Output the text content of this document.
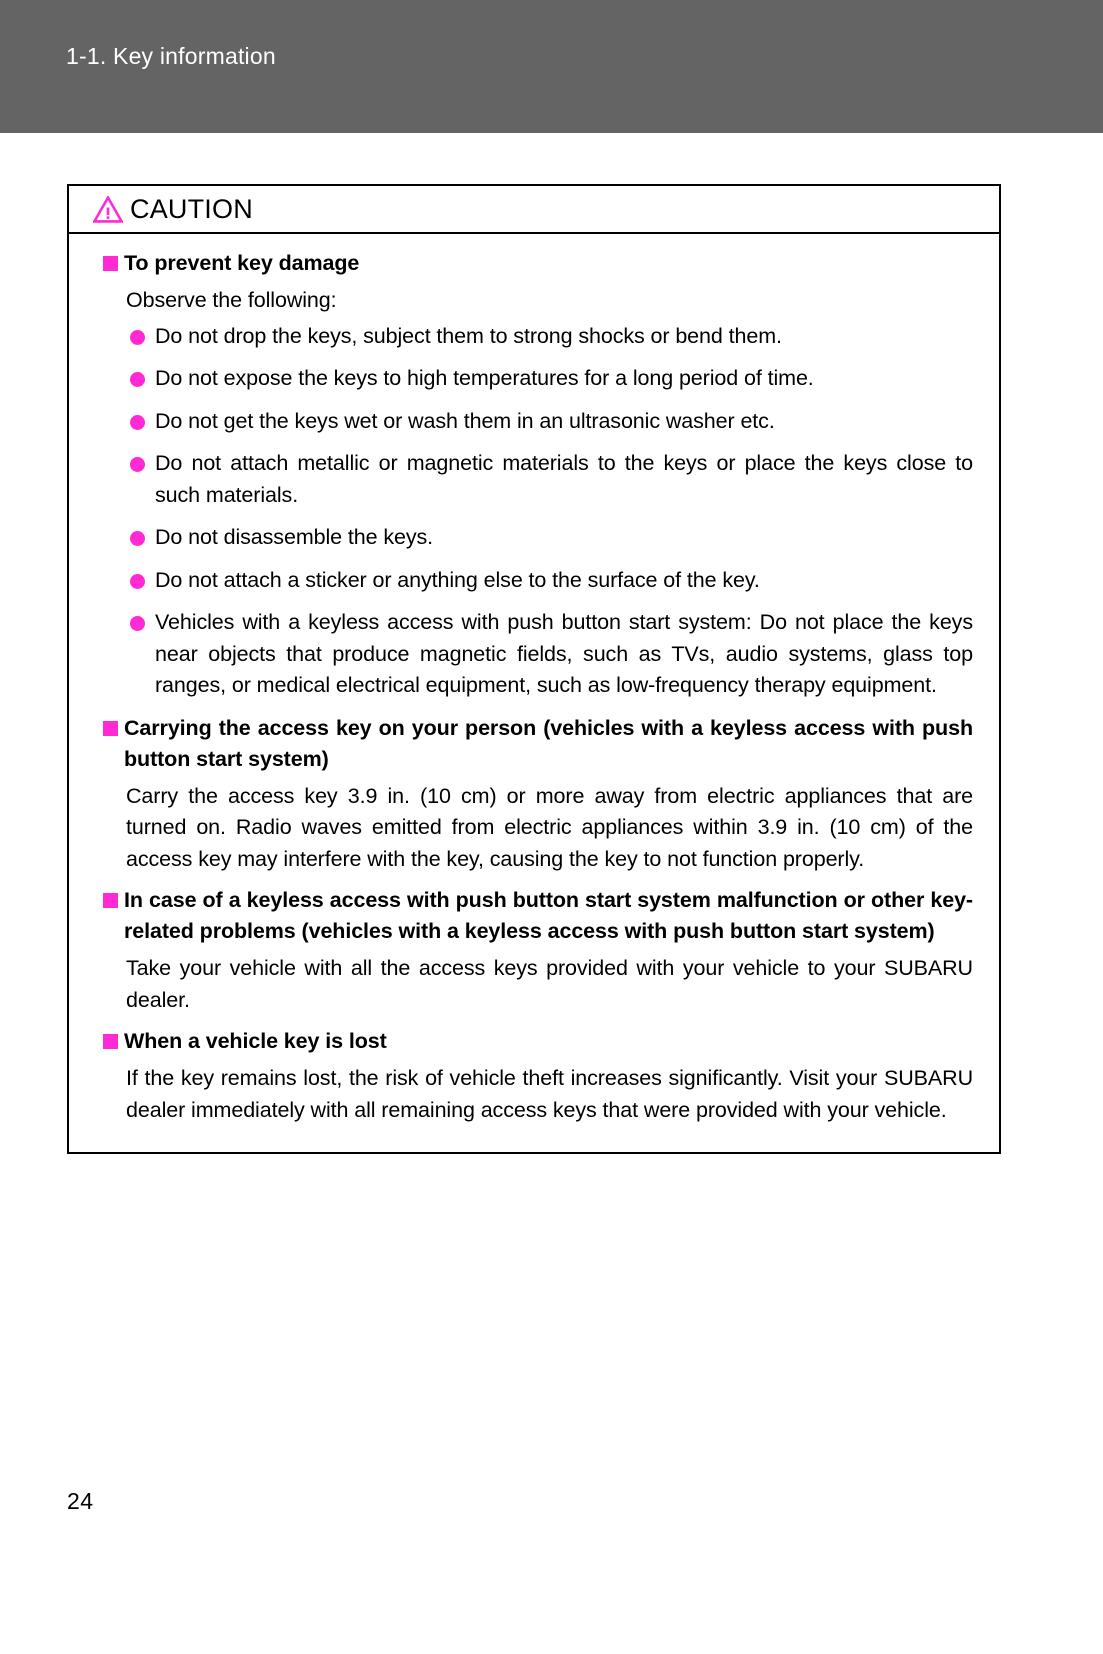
1-1. Key information
CAUTION
To prevent key damage

Observe the following:

Do not drop the keys, subject them to strong shocks or bend them.
Do not expose the keys to high temperatures for a long period of time.
Do not get the keys wet or wash them in an ultrasonic washer etc.
Do not attach metallic or magnetic materials to the keys or place the keys close to such materials.
Do not disassemble the keys.
Do not attach a sticker or anything else to the surface of the key.
Vehicles with a keyless access with push button start system: Do not place the keys near objects that produce magnetic fields, such as TVs, audio systems, glass top ranges, or medical electrical equipment, such as low-frequency therapy equipment.
Carrying the access key on your person (vehicles with a keyless access with push button start system)

Carry the access key 3.9 in. (10 cm) or more away from electric appliances that are turned on. Radio waves emitted from electric appliances within 3.9 in. (10 cm) of the access key may interfere with the key, causing the key to not function properly.

In case of a keyless access with push button start system malfunction or other key-related problems (vehicles with a keyless access with push button start system)

Take your vehicle with all the access keys provided with your vehicle to your SUBARU dealer.

When a vehicle key is lost

If the key remains lost, the risk of vehicle theft increases significantly. Visit your SUBARU dealer immediately with all remaining access keys that were provided with your vehicle.

24
